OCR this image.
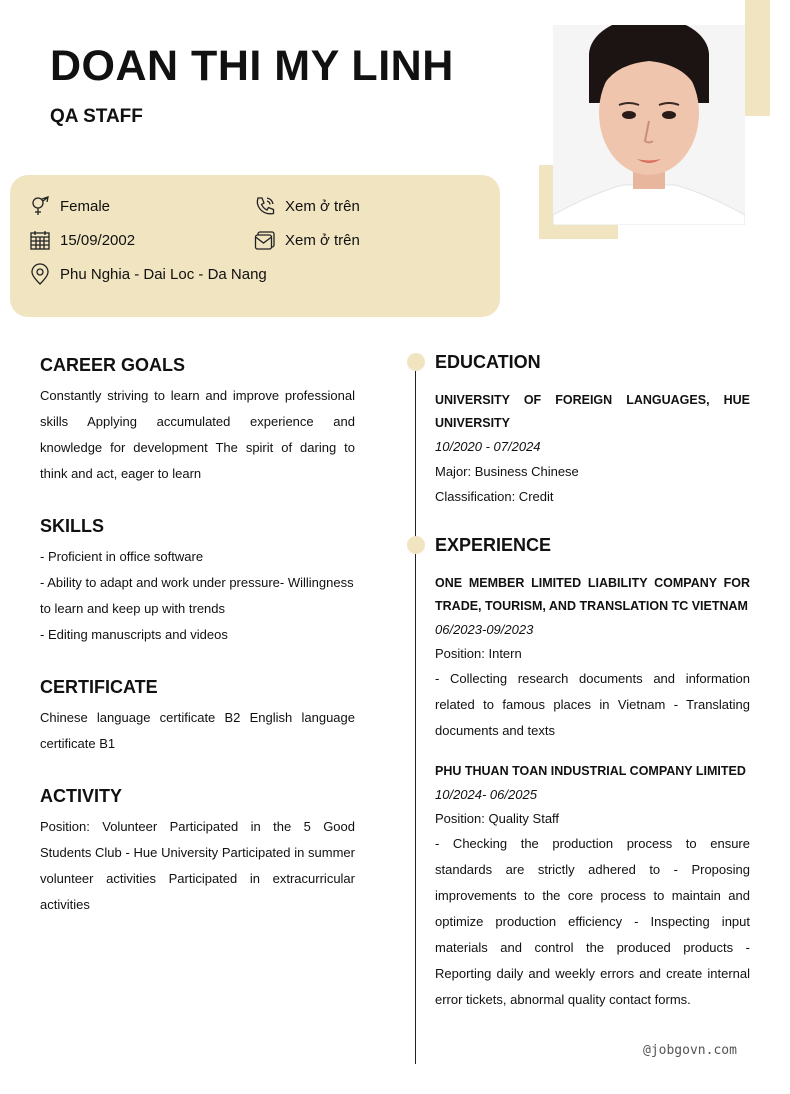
DOAN THI MY LINH
QA STAFF
Female	Xem ở trên
15/09/2002	Xem ở trên
Phu Nghia - Dai Loc - Da Nang
CAREER GOALS

Constantly striving to learn and improve professional skills Applying accumulated experience and knowledge for development The spirit of daring to think and act, eager to learn

SKILLS
- Proficient in office software
- Ability to adapt and work under pressure- Willingness to learn and keep up with trends
- Editing manuscripts and videos
CERTIFICATE

Chinese language certificate B2 English language certificate B1

ACTIVITY

Position: Volunteer Participated in the 5 Good Students Club - Hue University Participated in summer volunteer activities Participated in extracurricular activities

EDUCATION

UNIVERSITY OF FOREIGN LANGUAGES, HUE UNIVERSITY

10/2020 - 07/2024

Major: Business Chinese

Classification: Credit

EXPERIENCE

ONE MEMBER LIMITED LIABILITY COMPANY FOR TRADE, TOURISM, AND TRANSLATION TC VIETNAM

06/2023-09/2023

Position: Intern

- Collecting research documents and information related to famous places in Vietnam - Translating documents and texts

PHU THUAN TOAN INDUSTRIAL COMPANY LIMITED

10/2024- 06/2025

Position: Quality Staff

- Checking the production process to ensure standards are strictly adhered to - Proposing improvements to the core process to maintain and optimize production efficiency - Inspecting input materials and control the produced products - Reporting daily and weekly errors and create internal error tickets, abnormal quality contact forms.

@jobgovn.com
